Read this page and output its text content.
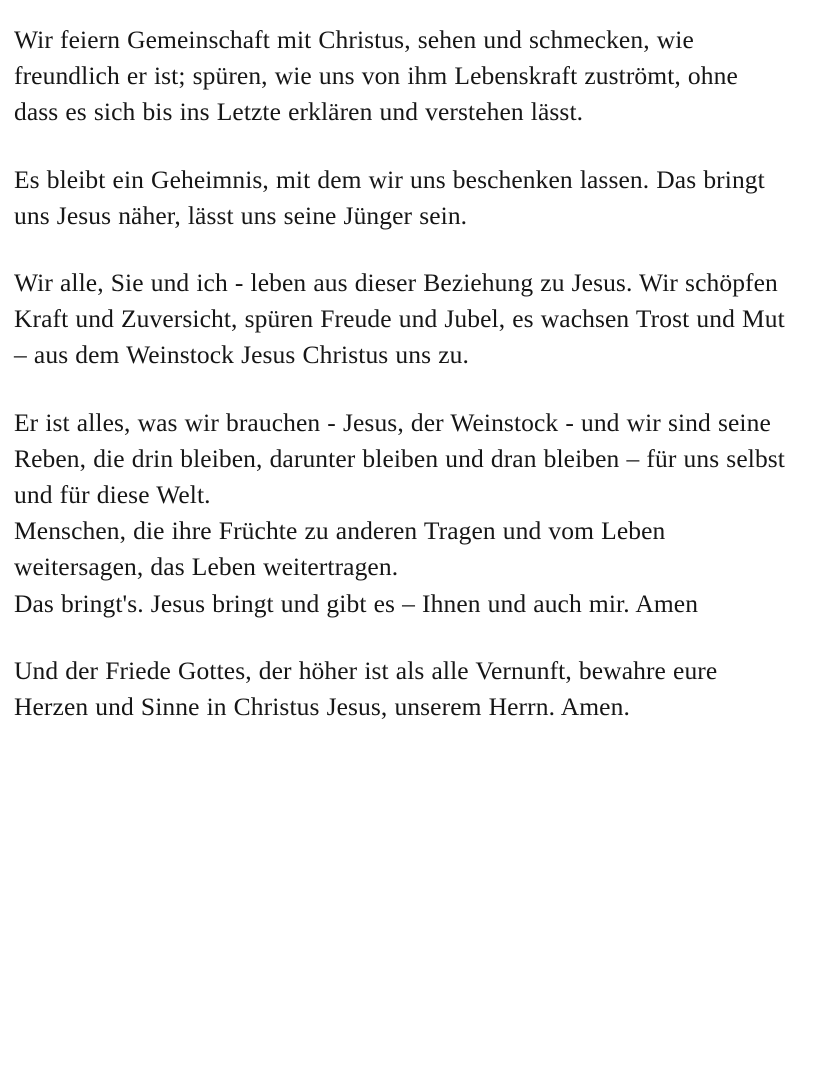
Wir feiern Gemeinschaft mit Christus, sehen und schmecken, wie freundlich er ist; spüren, wie uns von ihm Lebenskraft zuströmt, ohne dass es sich bis ins Letzte erklären und verstehen lässt.

Es bleibt ein Geheimnis, mit dem wir uns beschenken lassen. Das bringt uns Jesus näher, lässt uns seine Jünger sein.

Wir alle, Sie und ich - leben aus dieser Beziehung zu Jesus. Wir schöpfen Kraft und Zuversicht, spüren Freude und Jubel, es wachsen Trost und Mut – aus dem Weinstock Jesus Christus uns zu.

Er ist alles, was wir brauchen - Jesus, der Weinstock - und wir sind seine Reben, die drin bleiben, darunter bleiben und dran bleiben – für uns selbst und für diese Welt.

Menschen, die ihre Früchte zu anderen Tragen und vom Leben weitersagen, das Leben weitertragen.

Das bringt's. Jesus bringt und gibt es – Ihnen und auch mir. Amen

Und der Friede Gottes, der höher ist als alle Vernunft, bewahre eure Herzen und Sinne in Christus Jesus, unserem Herrn. Amen.
